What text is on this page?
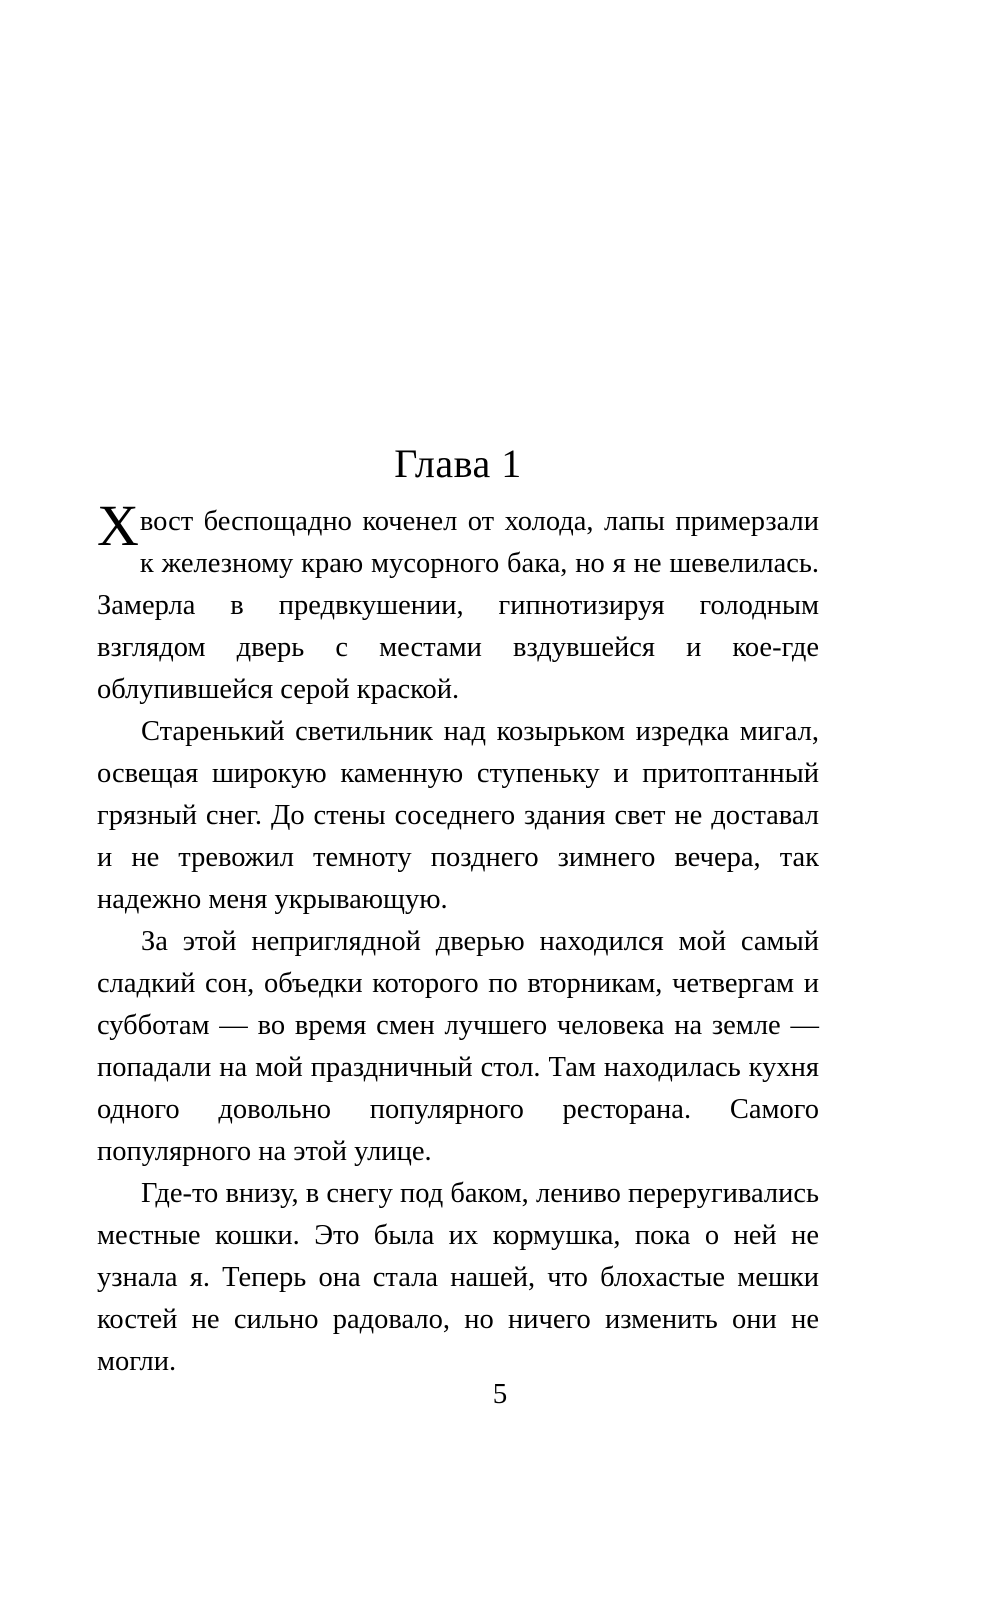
Глава 1

Хвост беспощадно коченел от холода, лапы примерзали к железному краю мусорного бака, но я не шевелилась. Замерла в предвкушении, гипнотизируя голодным взглядом дверь с местами вздувшейся и кое-где облупившейся серой краской.

Старенький светильник над козырьком изредка мигал, освещая широкую каменную ступеньку и притоптанный грязный снег. До стены соседнего здания свет не доставал и не тревожил темноту позднего зимнего вечера, так надежно меня укрывающую.

За этой неприглядной дверью находился мой самый сладкий сон, объедки которого по вторникам, четвергам и субботам — во время смен лучшего человека на земле — попадали на мой праздничный стол. Там находилась кухня одного довольно популярного ресторана. Самого популярного на этой улице.

Где-то внизу, в снегу под баком, лениво переругивались местные кошки. Это была их кормушка, пока о ней не узнала я. Теперь она стала нашей, что блохастые мешки костей не сильно радовало, но ничего изменить они не могли.

5
